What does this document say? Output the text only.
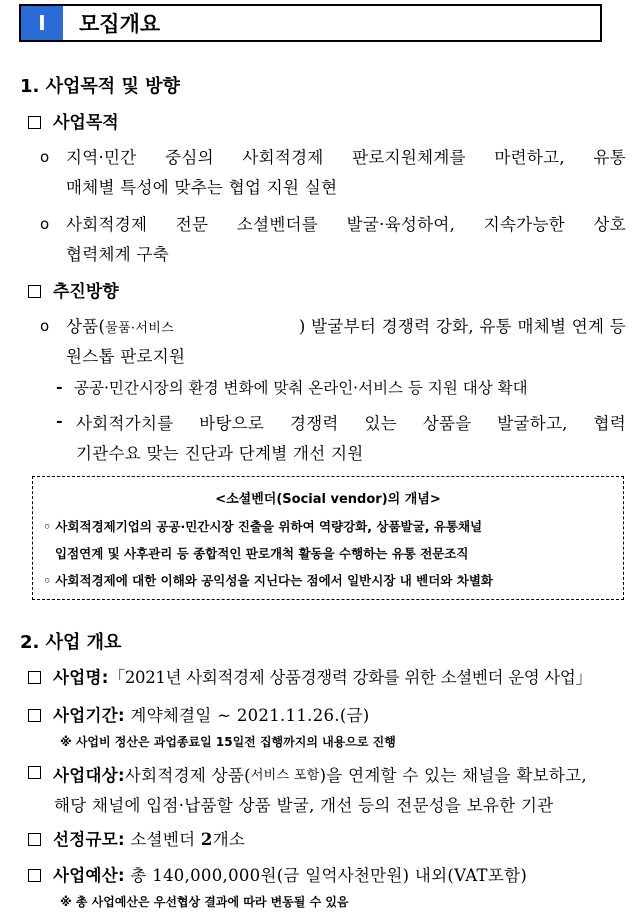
Ⅰ	모집개요
1. 사업목적 및 방향
사업목적
o 지역·민간 중심의 사회적경제 판로지원체계를 마련하고, 유통
매체별 특성에 맞추는 협업 지원 실현
o 사회적경제 전문 소셜벤더를 발굴·육성하여, 지속가능한 상호
협력체계 구축
추진방향
o 상품(물품·서비스	) 발굴부터 경쟁력 강화, 유통 매체별 연계 등
원스톱 판로지원
- 공공·민간시장의 환경 변화에 맞춰 온라인·서비스 등 지원 대상 확대
- 사회적가치를 바탕으로 경쟁력 있는 상품을 발굴하고, 협력
기관수요 맞는 진단과 단계별 개선 지원
<소셜벤더(Social vendor)의 개념>
◦ 사회적경제기업의 공공·민간시장 진출을 위하여 역량강화, 상품발굴, 유통채널
입점연계 및 사후관리 등 종합적인 판로개척 활동을 수행하는 유통 전문조직
◦ 사회적경제에 대한 이해와 공익성을 지닌다는 점에서 일반시장 내 벤더와 차별화
2. 사업 개요
사업명:「2021년 사회적경제 상품경쟁력 강화를 위한 소셜벤더 운영 사업」
사업기간: 계약체결일 ~ 2021.11.26.(금)
※ 사업비 정산은 과업종료일 15일전 집행까지의 내용으로 진행
사업대상: 사회적경제 상품( 서비스 포함 )을 연계할 수 있는 채널을 확보하고,
해당 채널에 입점·납품할 상품 발굴, 개선 등의 전문성을 보유한 기관
선정규모: 소셜벤더 2개소
사업예산: 총 140,000,000원(금 일억사천만원) 내외(VAT포함)
※ 총 사업예산은 우선협상 결과에 따라 변동될 수 있음
